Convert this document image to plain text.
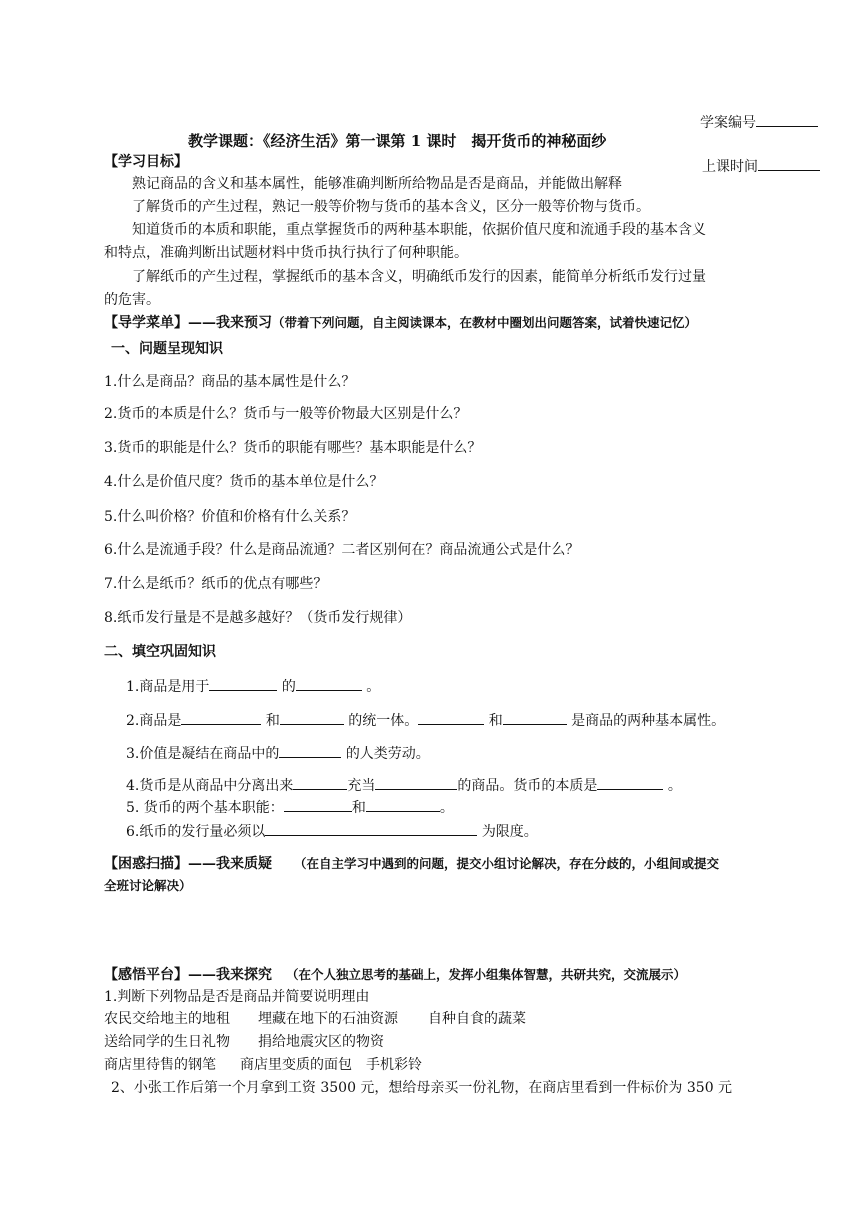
学案编号
上课时间
教学课题：《经济生活》第一课第 1 课时　揭开货币的神秘面纱
【学习目标】
熟记商品的含义和基本属性，能够准确判断所给物品是否是商品，并能做出解释
了解货币的产生过程，熟记一般等价物与货币的基本含义，区分一般等价物与货币。
知道货币的本质和职能，重点掌握货币的两种基本职能，依据价值尺度和流通手段的基本含义
和特点，准确判断出试题材料中货币执行执行了何种职能。
了解纸币的产生过程，掌握纸币的基本含义，明确纸币发行的因素，能简单分析纸币发行过量
的危害。
【导学菜单】——我来预习（带着下列问题，自主阅读课本，在教材中圈划出问题答案，试着快速记忆）
一、问题呈现知识
1.什么是商品？商品的基本属性是什么？
2.货币的本质是什么？货币与一般等价物最大区别是什么？
3.货币的职能是什么？货币的职能有哪些？基本职能是什么？
4.什么是价值尺度？货币的基本单位是什么？
5.什么叫价格？价值和价格有什么关系？
6.什么是流通手段？什么是商品流通？二者区别何在？商品流通公式是什么？
7.什么是纸币？纸币的优点有哪些？
8.纸币发行量是不是越多越好？（货币发行规律）
二、填空巩固知识
1.商品是用于	的	。
2.商品是	和	的统一体。	和	是商品的两种基本属性。
3.价值是凝结在商品中的	的人类劳动。
4.货币是从商品中分离出来	充当	的商品。货币的本质是	。
5. 货币的两个基本职能：	和	。
6.纸币的发行量必须以	为限度。
【困惑扫描】——我来质疑 （在自主学习中遇到的问题，提交小组讨论解决，存在分歧的，小组间或提交
全班讨论解决）
【感悟平台】——我来探究 （在个人独立思考的基础上，发挥小组集体智慧，共研共究，交流展示）
1.判断下列物品是否是商品并简要说明理由
农民交给地主的地租 埋藏在地下的石油资源 自种自食的蔬菜
送给同学的生日礼物 捐给地震灾区的物资
商店里待售的钢笔 商店里变质的面包 手机彩铃
2、小张工作后第一个月拿到工资 3500 元，想给母亲买一份礼物，在商店里看到一件标价为 350 元
